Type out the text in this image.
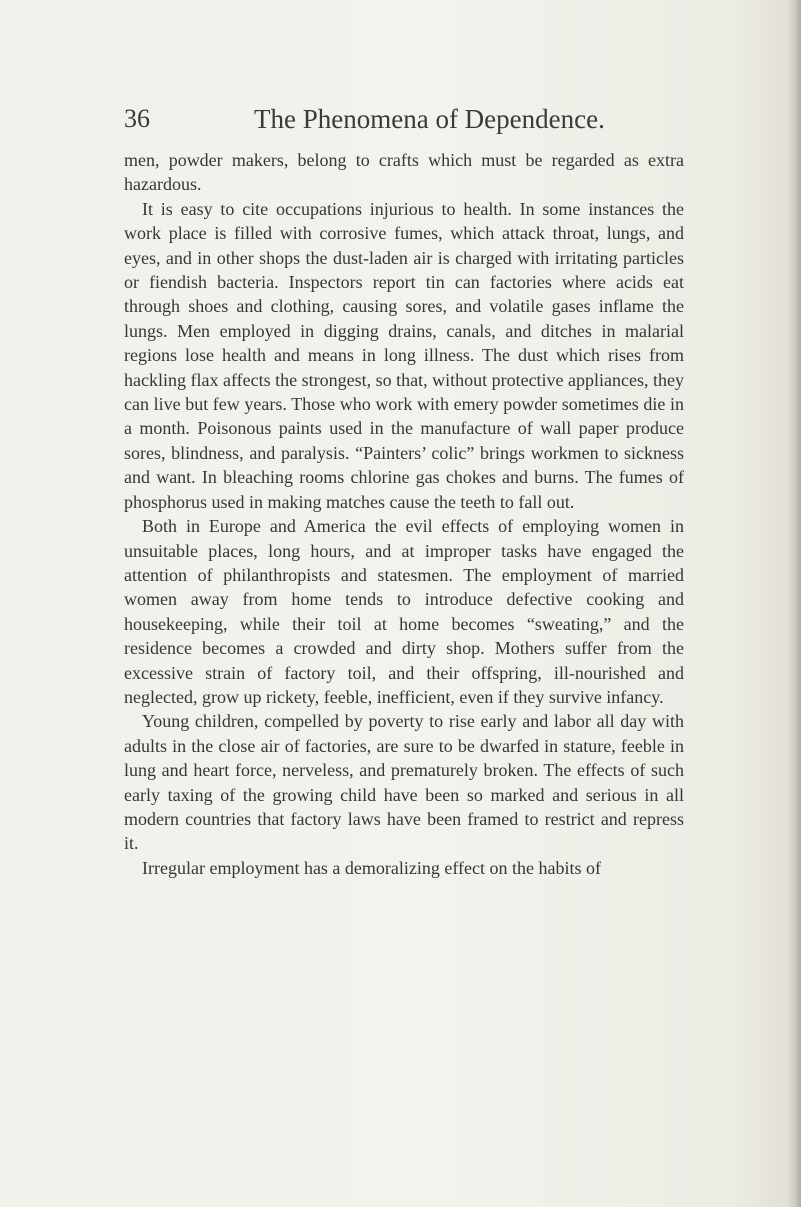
36	The Phenomena of Dependence.

men, powder makers, belong to crafts which must be regarded as extra hazardous.

It is easy to cite occupations injurious to health. In some instances the work place is filled with corrosive fumes, which attack throat, lungs, and eyes, and in other shops the dust-laden air is charged with irritating particles or fiendish bacteria. Inspectors report tin can factories where acids eat through shoes and clothing, causing sores, and volatile gases inflame the lungs. Men employed in digging drains, canals, and ditches in malarial regions lose health and means in long illness. The dust which rises from hackling flax affects the strongest, so that, without protective appliances, they can live but few years. Those who work with emery powder sometimes die in a month. Poisonous paints used in the manufacture of wall paper produce sores, blindness, and paralysis. “Painters’ colic” brings workmen to sickness and want. In bleaching rooms chlorine gas chokes and burns. The fumes of phosphorus used in making matches cause the teeth to fall out.

Both in Europe and America the evil effects of employing women in unsuitable places, long hours, and at improper tasks have engaged the attention of philanthropists and statesmen. The employment of married women away from home tends to introduce defective cooking and housekeeping, while their toil at home becomes “sweating,” and the residence becomes a crowded and dirty shop. Mothers suffer from the excessive strain of factory toil, and their offspring, ill-nourished and neglected, grow up rickety, feeble, inefficient, even if they survive infancy.

Young children, compelled by poverty to rise early and labor all day with adults in the close air of factories, are sure to be dwarfed in stature, feeble in lung and heart force, nerveless, and prematurely broken. The effects of such early taxing of the growing child have been so marked and serious in all modern countries that factory laws have been framed to restrict and repress it.

Irregular employment has a demoralizing effect on the habits of
